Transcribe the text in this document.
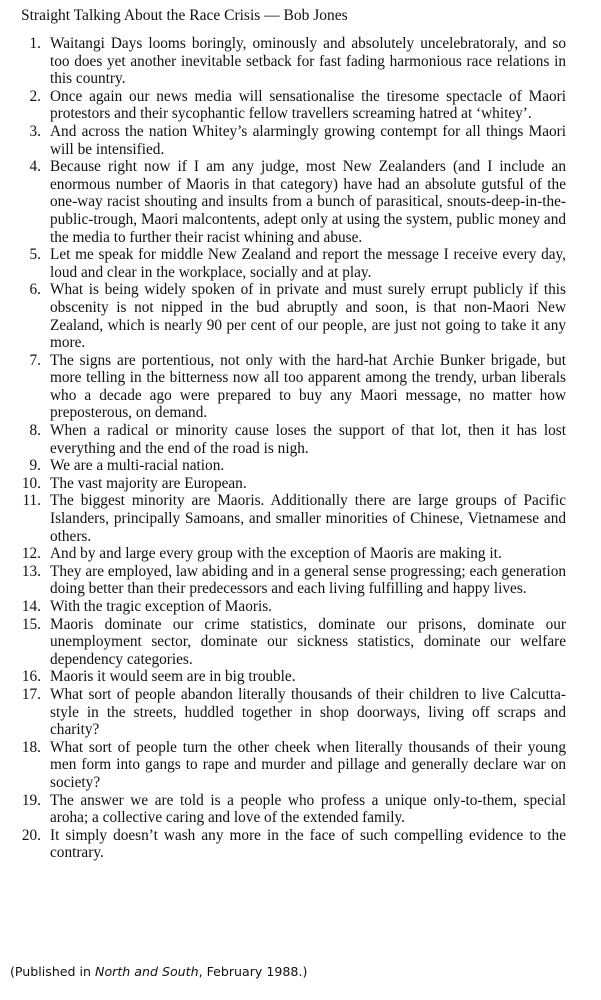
Straight Talking About the Race Crisis — Bob Jones
1. Waitangi Days looms boringly, ominously and absolutely uncelebratoraly, and so too does yet another inevitable setback for fast fading harmonious race relations in this country.
2. Once again our news media will sensationalise the tiresome spectacle of Maori protestors and their sycophantic fellow travellers screaming hatred at ‘whitey’.
3. And across the nation Whitey’s alarmingly growing contempt for all things Maori will be intensified.
4. Because right now if I am any judge, most New Zealanders (and I include an enormous number of Maoris in that category) have had an absolute gutsful of the one-way racist shouting and insults from a bunch of parasitical, snouts-deep-in-the-public-trough, Maori malcontents, adept only at using the system, public money and the media to further their racist whining and abuse.
5. Let me speak for middle New Zealand and report the message I receive every day, loud and clear in the workplace, socially and at play.
6. What is being widely spoken of in private and must surely errupt publicly if this obscenity is not nipped in the bud abruptly and soon, is that non-Maori New Zealand, which is nearly 90 per cent of our people, are just not going to take it any more.
7. The signs are portentious, not only with the hard-hat Archie Bunker brigade, but more telling in the bitterness now all too apparent among the trendy, urban liberals who a decade ago were prepared to buy any Maori message, no matter how preposterous, on demand.
8. When a radical or minority cause loses the support of that lot, then it has lost everything and the end of the road is nigh.
9. We are a multi-racial nation.
10. The vast majority are European.
11. The biggest minority are Maoris. Additionally there are large groups of Pacific Islanders, principally Samoans, and smaller minorities of Chinese, Vietnamese and others.
12. And by and large every group with the exception of Maoris are making it.
13. They are employed, law abiding and in a general sense progressing; each generation doing better than their predecessors and each living fulfilling and happy lives.
14. With the tragic exception of Maoris.
15. Maoris dominate our crime statistics, dominate our prisons, dominate our unemployment sector, dominate our sickness statistics, dominate our welfare dependency categories.
16. Maoris it would seem are in big trouble.
17. What sort of people abandon literally thousands of their children to live Calcutta-style in the streets, huddled together in shop doorways, living off scraps and charity?
18. What sort of people turn the other cheek when literally thousands of their young men form into gangs to rape and murder and pillage and generally declare war on society?
19. The answer we are told is a people who profess a unique only-to-them, special aroha; a collective caring and love of the extended family.
20. It simply doesn’t wash any more in the face of such compelling evidence to the contrary.
(Published in North and South, February 1988.)
